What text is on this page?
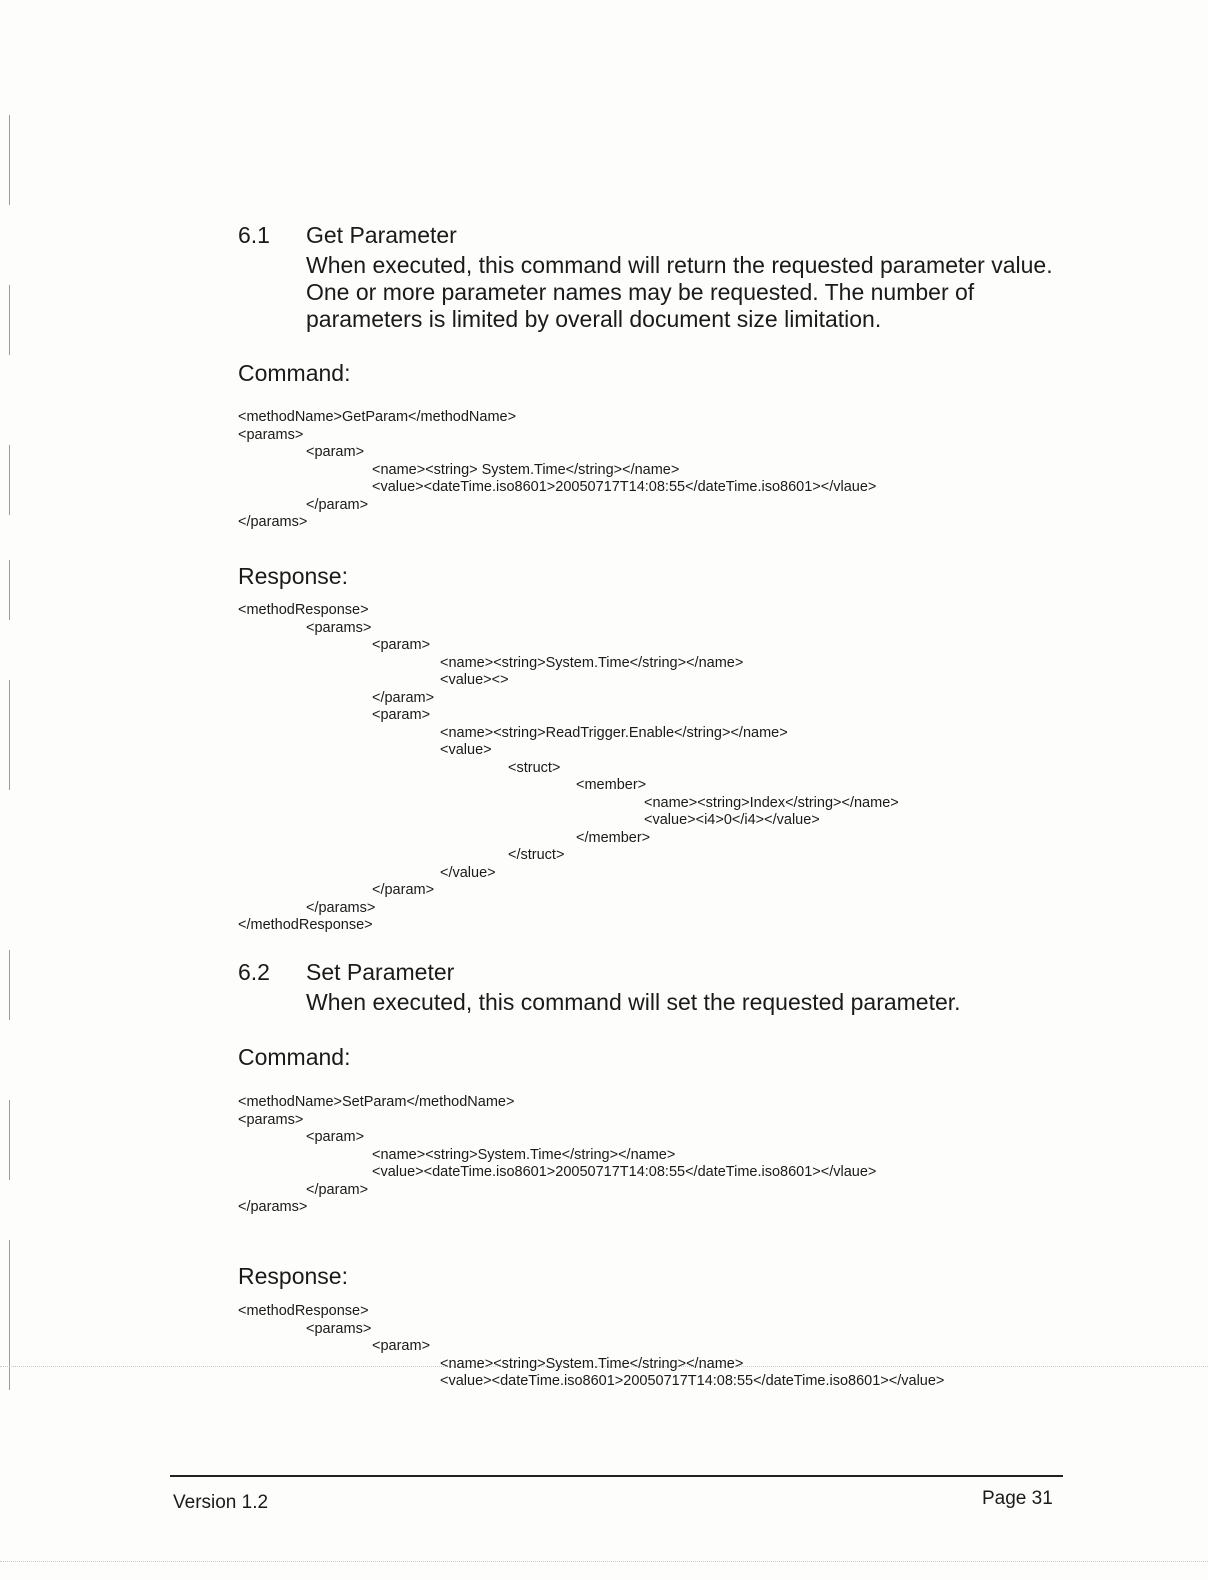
6.1 Get Parameter
When executed, this command will return the requested parameter value.
One or more parameter names may be requested. The number of
parameters is limited by overall document size limitation.
Command:
<methodName>GetParam</methodName>
<params>
<param>
<name><string> System.Time</string></name>
<value><dateTime.iso8601>20050717T14:08:55</dateTime.iso8601></vlaue>
</param>
</params>
Response:
<methodResponse>
<params>
<param>
<name><string>System.Time</string></name>
<value><>
</param>
<param>
<name><string>ReadTrigger.Enable</string></name>
<value>
<struct>
<member>
<name><string>Index</string></name>
<value><i4>0</i4></value>
</member>
</struct>
</value>
</param>
</params>
</methodResponse>
6.2 Set Parameter
When executed, this command will set the requested parameter.
Command:
<methodName>SetParam</methodName>
<params>
<param>
<name><string>System.Time</string></name>
<value><dateTime.iso8601>20050717T14:08:55</dateTime.iso8601></vlaue>
</param>
</params>
Response:
<methodResponse>
<params>
<param>
<name><string>System.Time</string></name>
<value><dateTime.iso8601>20050717T14:08:55</dateTime.iso8601></value>
Version 1.2	Page 31
